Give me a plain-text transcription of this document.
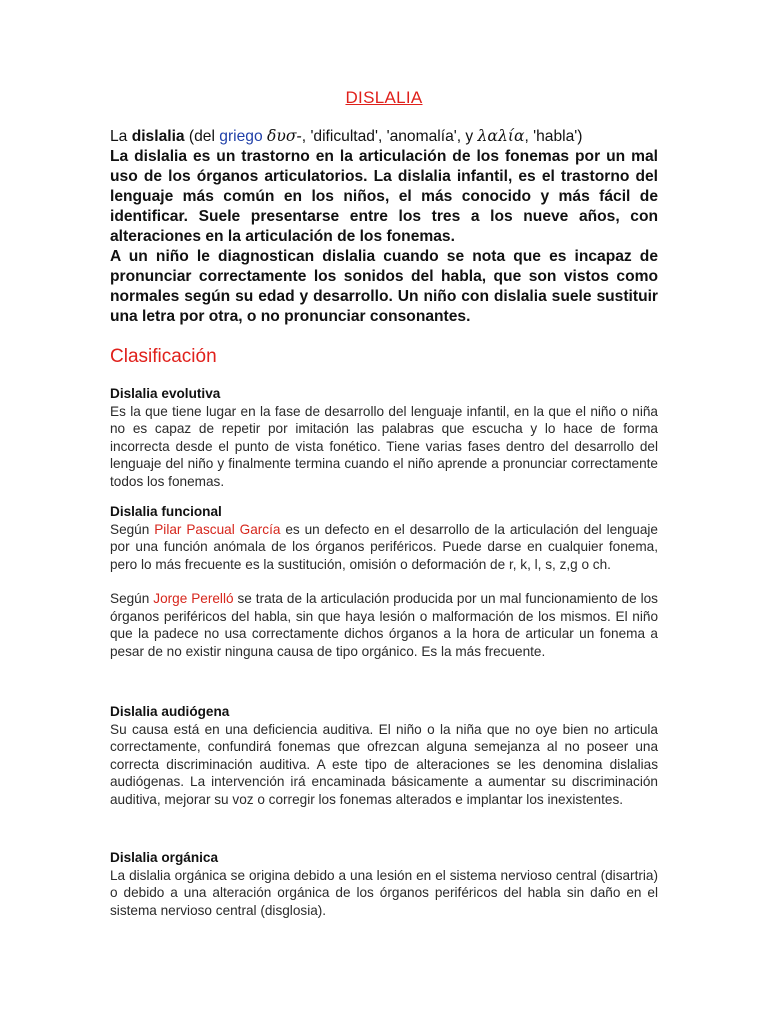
DISLALIA

La dislalia (del griego δυσ-, 'dificultad', 'anomalía', y λαλία, 'habla')

La dislalia es un trastorno en la articulación de los fonemas por un mal uso de los órganos articulatorios. La dislalia infantil, es el trastorno del lenguaje más común en los niños, el más conocido y más fácil de identificar. Suele presentarse entre los tres a los nueve años, con alteraciones en la articulación de los fonemas.

A un niño le diagnostican dislalia cuando se nota que es incapaz de pronunciar correctamente los sonidos del habla, que son vistos como normales según su edad y desarrollo. Un niño con dislalia suele sustituir una letra por otra, o no pronunciar consonantes.

Clasificación
Dislalia evolutiva

Es la que tiene lugar en la fase de desarrollo del lenguaje infantil, en la que el niño o niña no es capaz de repetir por imitación las palabras que escucha y lo hace de forma incorrecta desde el punto de vista fonético. Tiene varias fases dentro del desarrollo del lenguaje del niño y finalmente termina cuando el niño aprende a pronunciar correctamente todos los fonemas.

Dislalia funcional

Según Pilar Pascual García es un defecto en el desarrollo de la articulación del lenguaje por una función anómala de los órganos periféricos. Puede darse en cualquier fonema, pero lo más frecuente es la sustitución, omisión o deformación de r, k, l, s, z,g o ch.

Según Jorge Perelló se trata de la articulación producida por un mal funcionamiento de los órganos periféricos del habla, sin que haya lesión o malformación de los mismos. El niño que la padece no usa correctamente dichos órganos a la hora de articular un fonema a pesar de no existir ninguna causa de tipo orgánico. Es la más frecuente.

Dislalia audiógena

Su causa está en una deficiencia auditiva. El niño o la niña que no oye bien no articula correctamente, confundirá fonemas que ofrezcan alguna semejanza al no poseer una correcta discriminación auditiva. A este tipo de alteraciones se les denomina dislalias audiógenas. La intervención irá encaminada básicamente a aumentar su discriminación auditiva, mejorar su voz o corregir los fonemas alterados e implantar los inexistentes.

Dislalia orgánica

La dislalia orgánica se origina debido a una lesión en el sistema nervioso central (disartria) o debido a una alteración orgánica de los órganos periféricos del habla sin daño en el sistema nervioso central (disglosia).
